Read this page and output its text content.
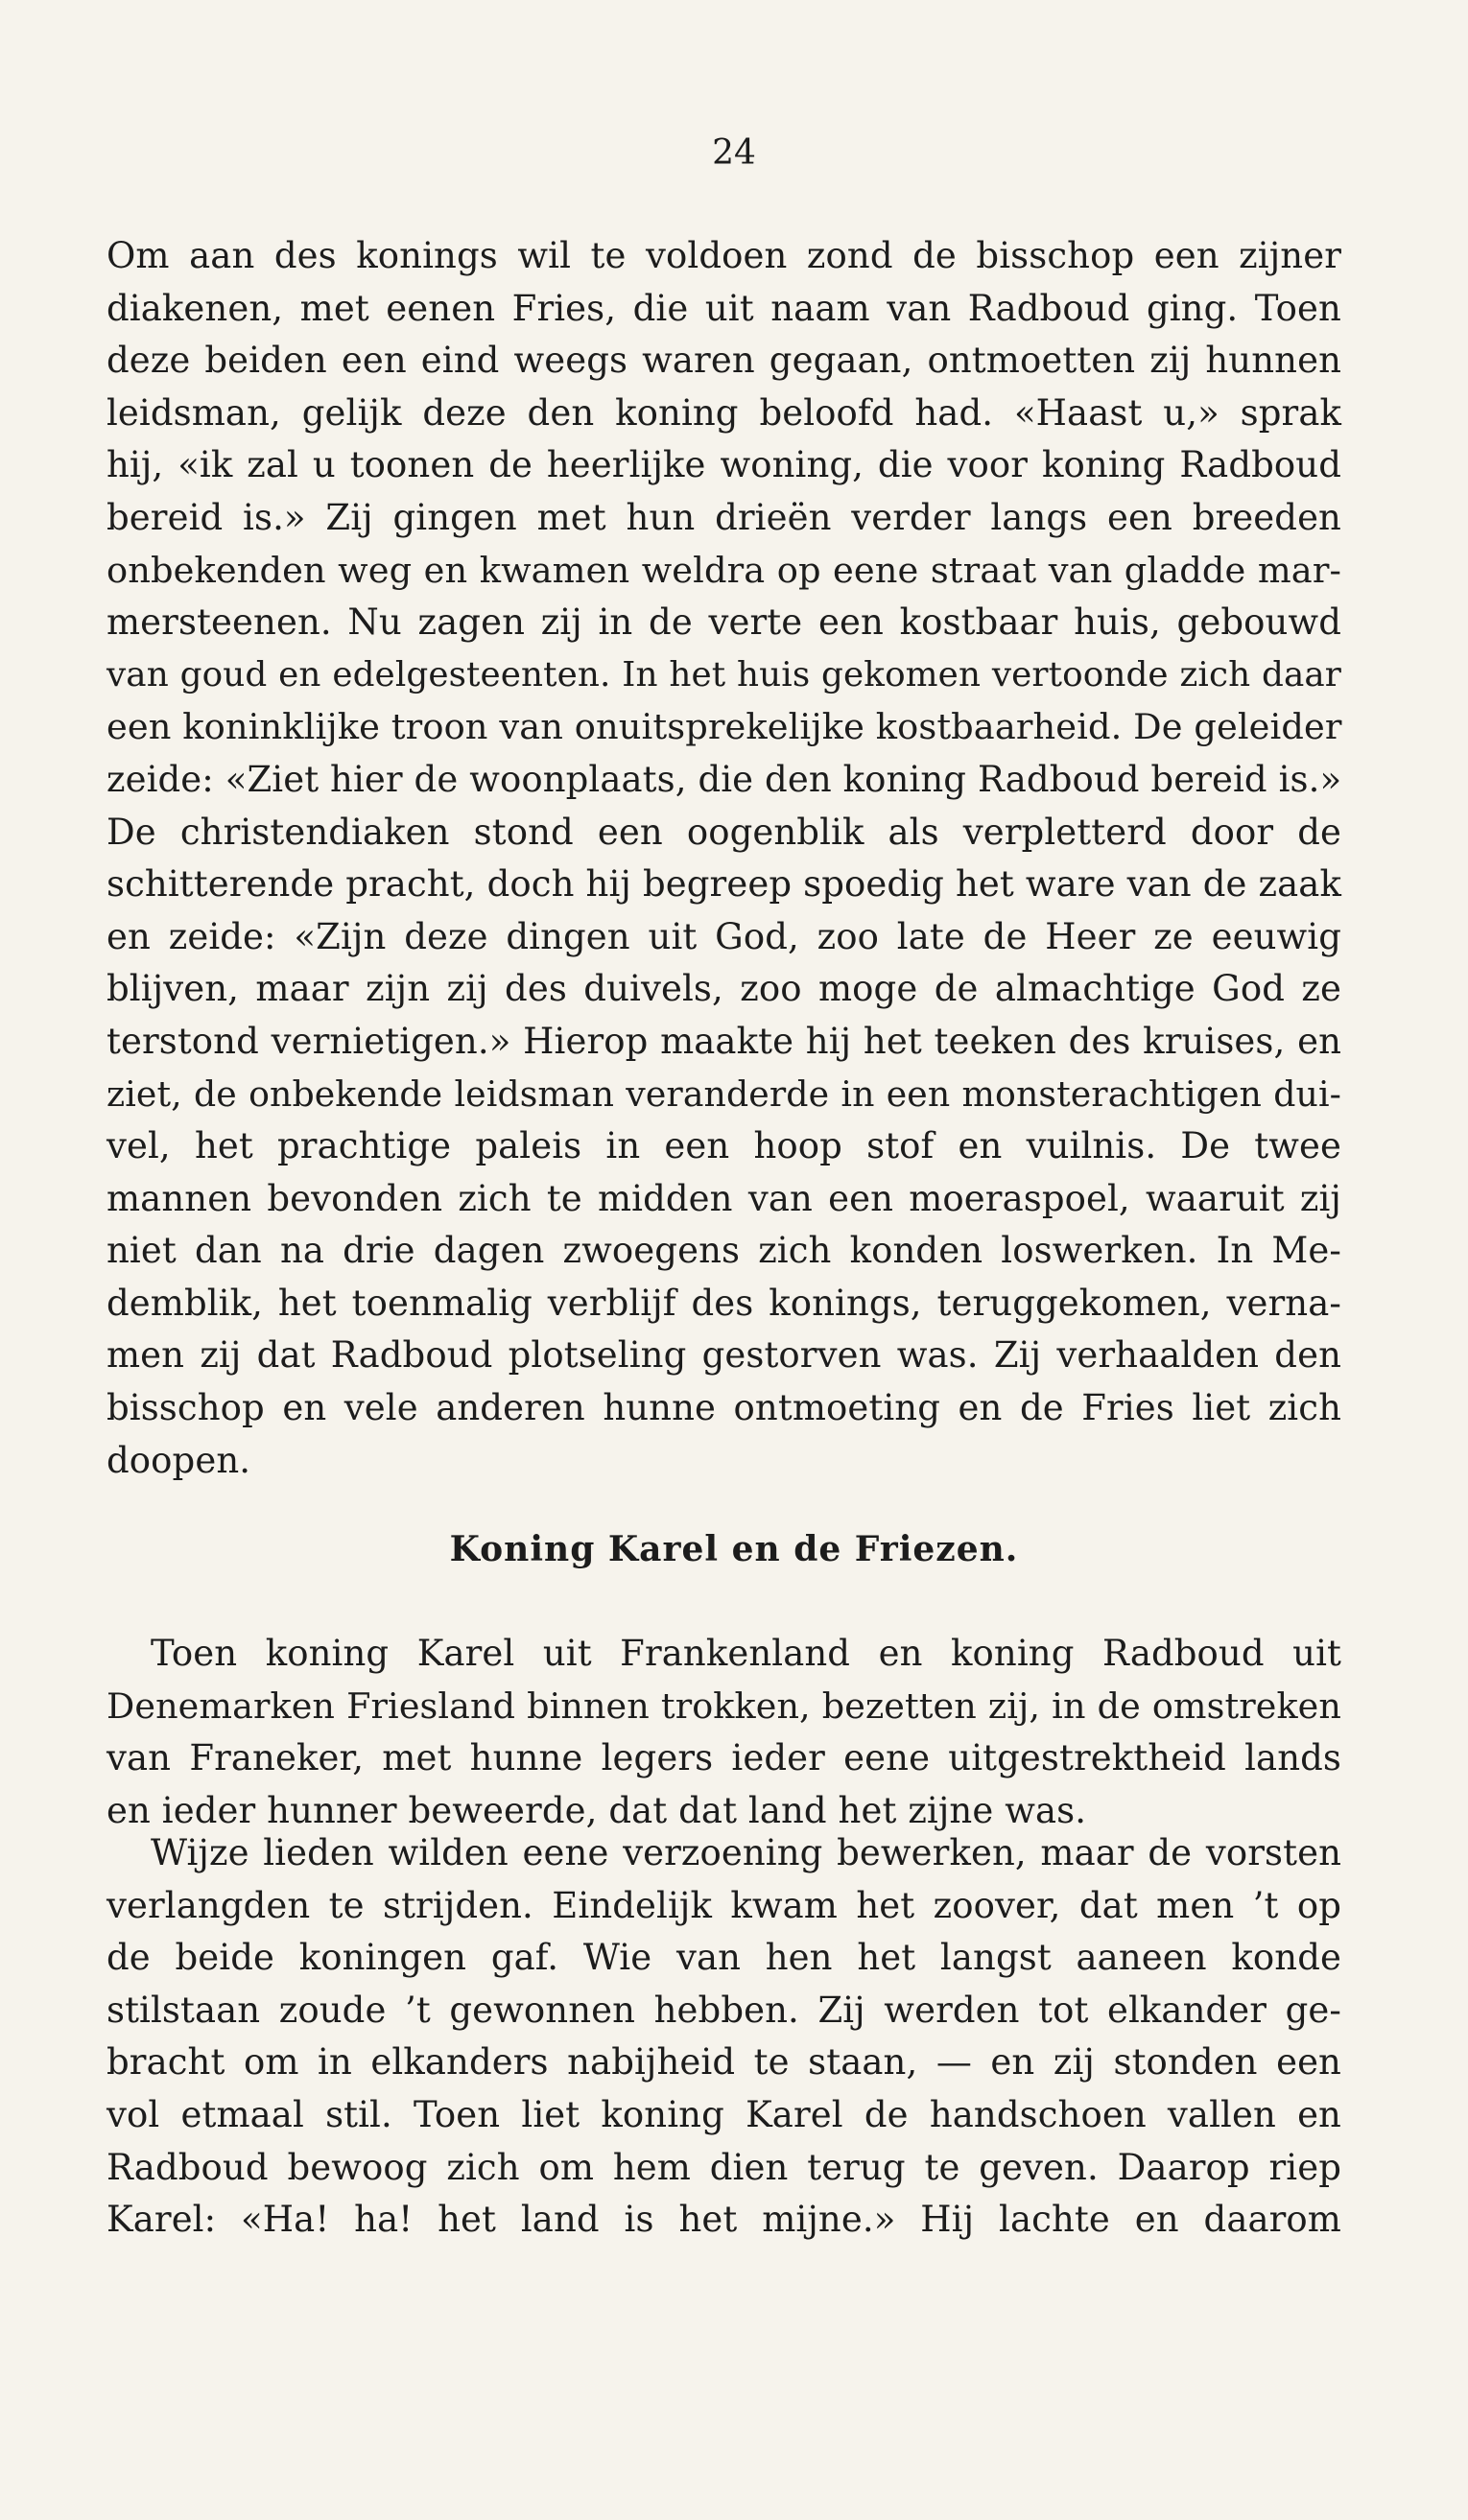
24
Om aan des konings wil te voldoen zond de bisschop een zijner
diakenen, met eenen Fries, die uit naam van Radboud ging. Toen
deze beiden een eind weegs waren gegaan, ontmoetten zij hunnen
leidsman, gelijk deze den koning beloofd had. «Haast u,» sprak
hij, «ik zal u toonen de heerlijke woning, die voor koning Radboud
bereid is.» Zij gingen met hun drieën verder langs een breeden
onbekenden weg en kwamen weldra op eene straat van gladde mar-
mersteenen. Nu zagen zij in de verte een kostbaar huis, gebouwd
van goud en edelgesteenten. In het huis gekomen vertoonde zich daar
een koninklijke troon van onuitsprekelijke kostbaarheid. De geleider
zeide: «Ziet hier de woonplaats, die den koning Radboud bereid is.»
De christendiaken stond een oogenblik als verpletterd door de
schitterende pracht, doch hij begreep spoedig het ware van de zaak
en zeide: «Zijn deze dingen uit God, zoo late de Heer ze eeuwig
blijven, maar zijn zij des duivels, zoo moge de almachtige God ze
terstond vernietigen.» Hierop maakte hij het teeken des kruises, en
ziet, de onbekende leidsman veranderde in een monsterachtigen dui-
vel, het prachtige paleis in een hoop stof en vuilnis. De twee
mannen bevonden zich te midden van een moeraspoel, waaruit zij
niet dan na drie dagen zwoegens zich konden loswerken. In Me-
demblik, het toenmalig verblijf des konings, teruggekomen, verna-
men zij dat Radboud plotseling gestorven was. Zij verhaalden den
bisschop en vele anderen hunne ontmoeting en de Fries liet zich
doopen.
Koning Karel en de Friezen.
Toen koning Karel uit Frankenland en koning Radboud uit
Denemarken Friesland binnen trokken, bezetten zij, in de omstreken
van Franeker, met hunne legers ieder eene uitgestrektheid lands
en ieder hunner beweerde, dat dat land het zijne was.
Wijze lieden wilden eene verzoening bewerken, maar de vorsten
verlangden te strijden. Eindelijk kwam het zoover, dat men ’t op
de beide koningen gaf. Wie van hen het langst aaneen konde
stilstaan zoude ’t gewonnen hebben. Zij werden tot elkander ge-
bracht om in elkanders nabijheid te staan, — en zij stonden een
vol etmaal stil. Toen liet koning Karel de handschoen vallen en
Radboud bewoog zich om hem dien terug te geven. Daarop riep
Karel: «Ha! ha! het land is het mijne.» Hij lachte en daarom
